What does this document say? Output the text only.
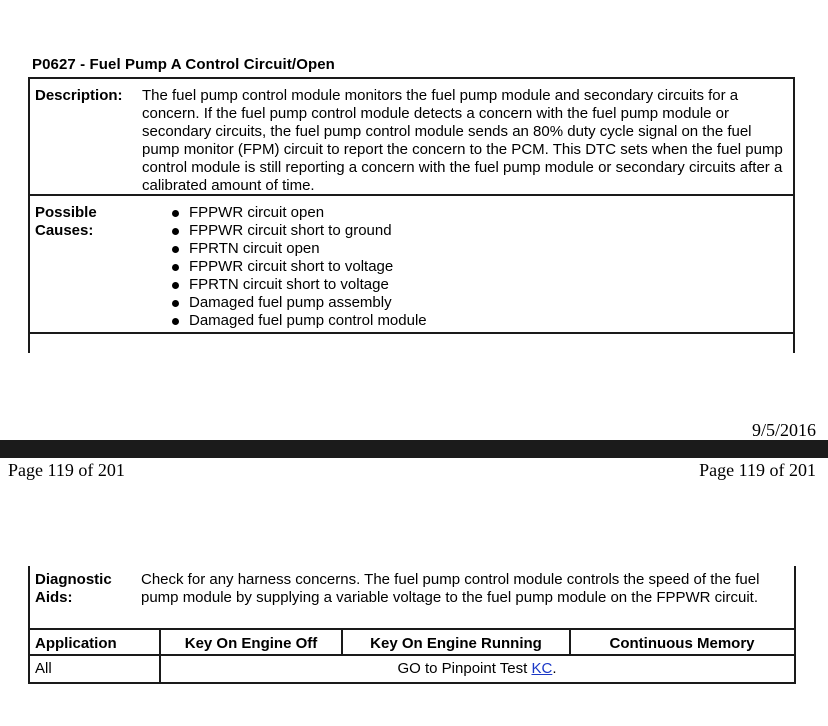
P0627 - Fuel Pump A Control Circuit/Open
Description: The fuel pump control module monitors the fuel pump module and secondary circuits for a concern. If the fuel pump control module detects a concern with the fuel pump module or secondary circuits, the fuel pump control module sends an 80% duty cycle signal on the fuel pump monitor (FPM) circuit to report the concern to the PCM. This DTC sets when the fuel pump control module is still reporting a concern with the fuel pump module or secondary circuits after a calibrated amount of time.
Possible Causes:
FPPWR circuit open
FPPWR circuit short to ground
FPRTN circuit open
FPPWR circuit short to voltage
FPRTN circuit short to voltage
Damaged fuel pump assembly
Damaged fuel pump control module
9/5/2016
Page 119 of 201	Page 119 of 201
Diagnostic Aids:
Check for any harness concerns. The fuel pump control module controls the speed of the fuel pump module by supplying a variable voltage to the fuel pump module on the FPPWR circuit.
Application	Key On Engine Off	Key On Engine Running	Continuous Memory
All	GO to Pinpoint Test KC.
